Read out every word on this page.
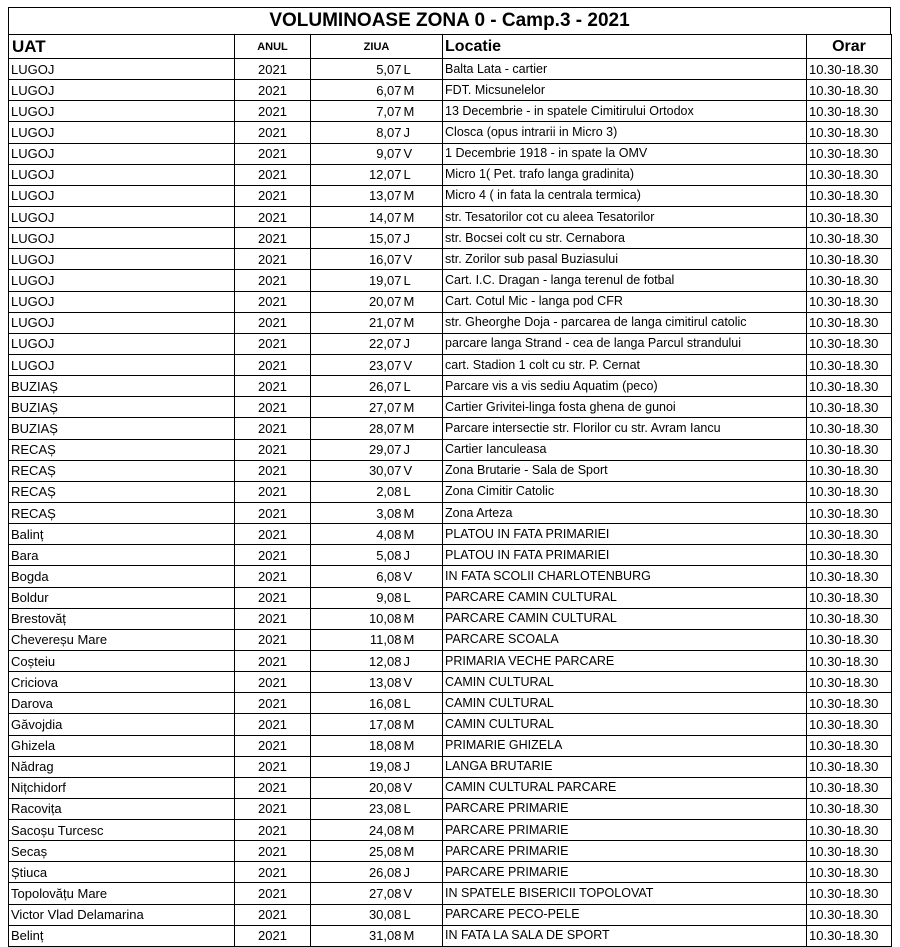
VOLUMINOASE ZONA 0 - Camp.3 - 2021
UAT	ANUL	ZIUA		Locatie	Orar
LUGOJ	2021	5,07	L	Balta Lata - cartier	10.30-18.30
LUGOJ	2021	6,07	M	FDT. Micsunelelor	10.30-18.30
LUGOJ	2021	7,07	M	13 Decembrie - in spatele Cimitirului Ortodox	10.30-18.30
LUGOJ	2021	8,07	J	Closca (opus intrarii in Micro 3)	10.30-18.30
LUGOJ	2021	9,07	V	1 Decembrie 1918 - in spate la OMV	10.30-18.30
LUGOJ	2021	12,07	L	Micro 1( Pet. trafo langa gradinita)	10.30-18.30
LUGOJ	2021	13,07	M	Micro 4 ( in fata la centrala termica)	10.30-18.30
LUGOJ	2021	14,07	M	str. Tesatorilor cot cu aleea Tesatorilor	10.30-18.30
LUGOJ	2021	15,07	J	str. Bocsei colt cu str. Cernabora	10.30-18.30
LUGOJ	2021	16,07	V	str. Zorilor sub pasal Buziasului	10.30-18.30
LUGOJ	2021	19,07	L	Cart. I.C. Dragan - langa terenul de fotbal	10.30-18.30
LUGOJ	2021	20,07	M	Cart. Cotul Mic - langa pod CFR	10.30-18.30
LUGOJ	2021	21,07	M	str. Gheorghe Doja - parcarea de langa cimitirul catolic	10.30-18.30
LUGOJ	2021	22,07	J	parcare langa Strand - cea de langa Parcul strandului	10.30-18.30
LUGOJ	2021	23,07	V	cart. Stadion 1 colt cu str. P. Cernat	10.30-18.30
BUZIAȘ	2021	26,07	L	Parcare vis a vis sediu Aquatim (peco)	10.30-18.30
BUZIAȘ	2021	27,07	M	Cartier Grivitei-linga fosta ghena de gunoi	10.30-18.30
BUZIAȘ	2021	28,07	M	Parcare intersectie str. Florilor cu str. Avram Iancu	10.30-18.30
RECAȘ	2021	29,07	J	Cartier Ianculeasa	10.30-18.30
RECAȘ	2021	30,07	V	Zona Brutarie - Sala de Sport	10.30-18.30
RECAȘ	2021	2,08	L	Zona Cimitir Catolic	10.30-18.30
RECAȘ	2021	3,08	M	Zona Arteza	10.30-18.30
Balinț	2021	4,08	M	PLATOU IN FATA PRIMARIEI	10.30-18.30
Bara	2021	5,08	J	PLATOU IN FATA PRIMARIEI	10.30-18.30
Bogda	2021	6,08	V	IN FATA SCOLII CHARLOTENBURG	10.30-18.30
Boldur	2021	9,08	L	PARCARE CAMIN CULTURAL	10.30-18.30
Brestovăț	2021	10,08	M	PARCARE CAMIN CULTURAL	10.30-18.30
Chevereșu Mare	2021	11,08	M	PARCARE SCOALA	10.30-18.30
Coșteiu	2021	12,08	J	PRIMARIA VECHE PARCARE	10.30-18.30
Criciova	2021	13,08	V	CAMIN CULTURAL	10.30-18.30
Darova	2021	16,08	L	CAMIN CULTURAL	10.30-18.30
Găvojdia	2021	17,08	M	CAMIN CULTURAL	10.30-18.30
Ghizela	2021	18,08	M	PRIMARIE GHIZELA	10.30-18.30
Nădrag	2021	19,08	J	LANGA BRUTARIE	10.30-18.30
Nițchidorf	2021	20,08	V	CAMIN CULTURAL PARCARE	10.30-18.30
Racovița	2021	23,08	L	PARCARE PRIMARIE	10.30-18.30
Sacoșu Turcesc	2021	24,08	M	PARCARE PRIMARIE	10.30-18.30
Secaș	2021	25,08	M	PARCARE PRIMARIE	10.30-18.30
Știuca	2021	26,08	J	PARCARE PRIMARIE	10.30-18.30
Topolovățu Mare	2021	27,08	V	IN SPATELE BISERICII TOPOLOVAT	10.30-18.30
Victor Vlad Delamarina	2021	30,08	L	PARCARE PECO-PELE	10.30-18.30
Belinț	2021	31,08	M	IN FATA LA SALA DE SPORT	10.30-18.30
